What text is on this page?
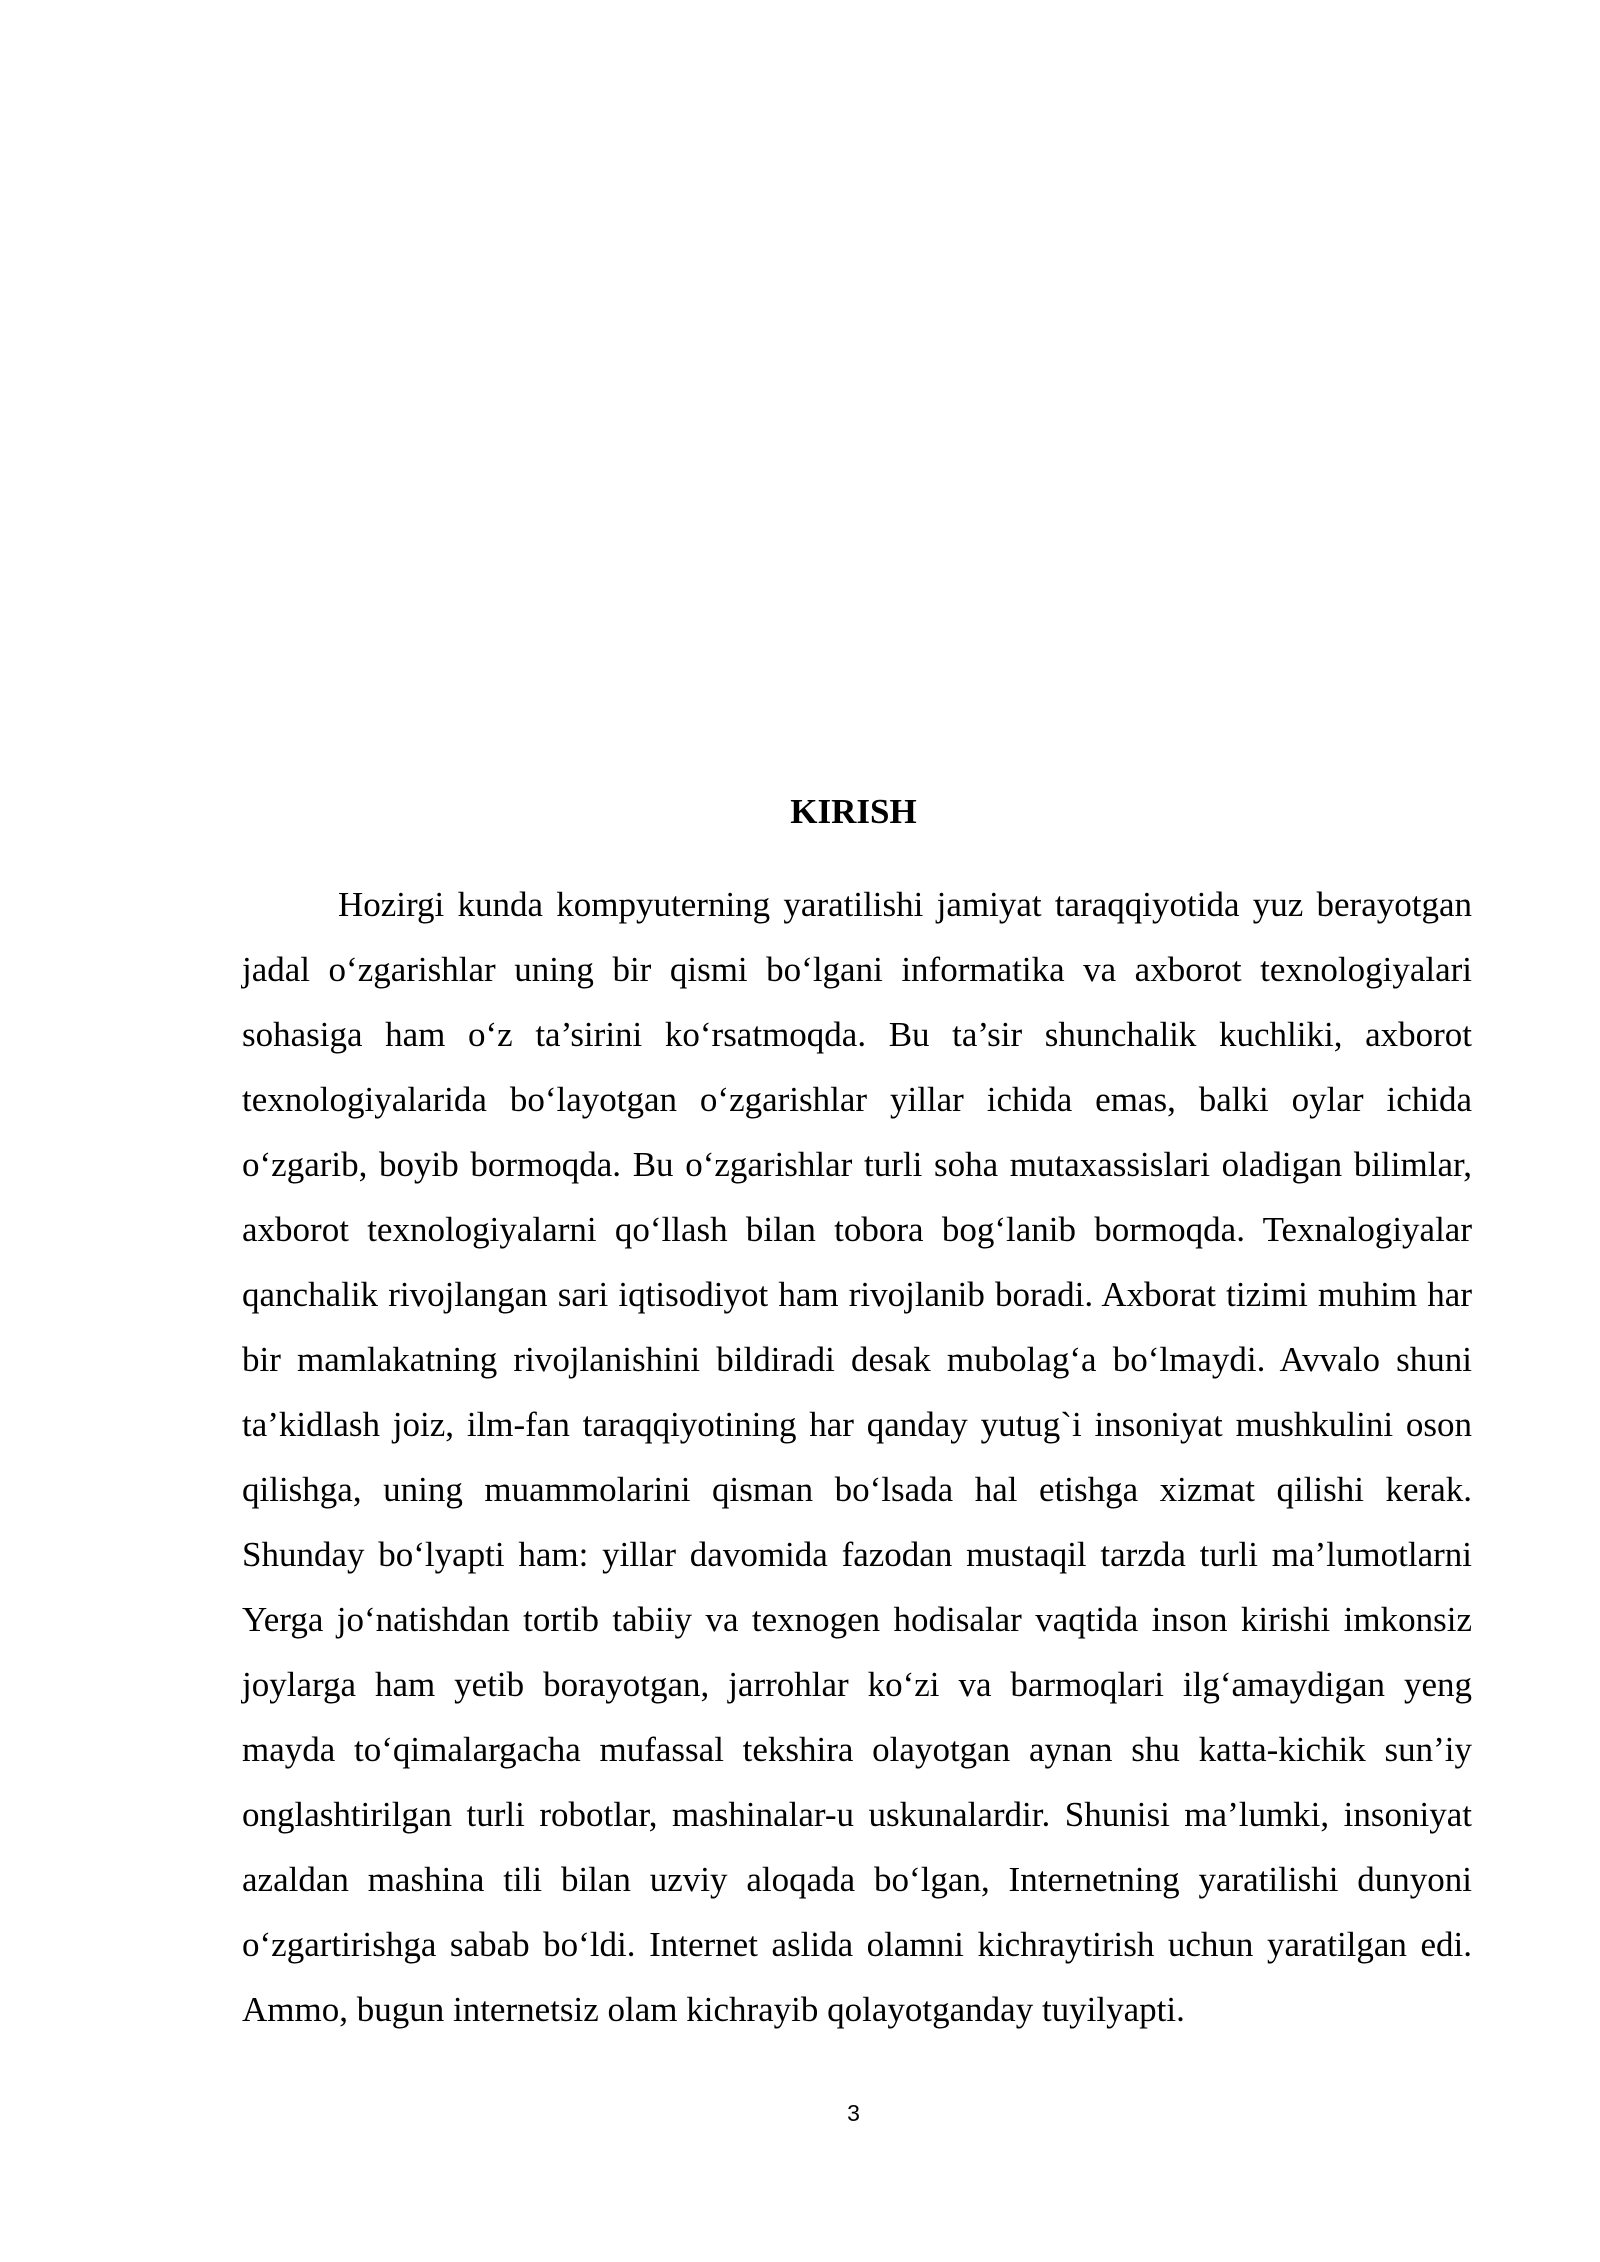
KIRISH

Hozirgi kunda kompyuterning yaratilishi jamiyat taraqqiyotida yuz berayotgan jadal o‘zgarishlar uning bir qismi bo‘lgani informatika va axborot texnologiyalari sohasiga ham o‘z ta’sirini ko‘rsatmoqda. Bu ta’sir shunchalik kuchliki, axborot texnologiyalarida bo‘layotgan o‘zgarishlar yillar ichida emas, balki oylar ichida o‘zgarib, boyib bormoqda. Bu o‘zgarishlar turli soha mutaxassislari oladigan bilimlar, axborot texnologiyalarni qo‘llash bilan tobora bog‘lanib bormoqda. Texnalogiyalar qanchalik rivojlangan sari iqtisodiyot ham rivojlanib boradi. Axborat tizimi muhim har bir mamlakatning rivojlanishini bildiradi desak mubolag‘a bo‘lmaydi. Avvalo shuni ta’kidlash joiz, ilm-fan taraqqiyotining har qanday yutug`i insoniyat mushkulini oson qilishga, uning muammolarini qisman bo‘lsada hal etishga xizmat qilishi kerak. Shunday bo‘lyapti ham: yillar davomida fazodan mustaqil tarzda turli ma’lumotlarni Yerga jo‘natishdan tortib tabiiy va texnogen hodisalar vaqtida inson kirishi imkonsiz joylarga ham yetib borayotgan, jarrohlar ko‘zi va barmoqlari ilg‘amaydigan yeng mayda to‘qimalargacha mufassal tekshira olayotgan aynan shu katta-kichik sun’iy onglashtirilgan turli robotlar, mashinalar-u uskunalardir. Shunisi ma’lumki, insoniyat azaldan mashina tili bilan uzviy aloqada bo‘lgan, Internetning yaratilishi dunyoni o‘zgartirishga sabab bo‘ldi. Internet aslida olamni kichraytirish uchun yaratilgan edi. Ammo, bugun internetsiz olam kichrayib qolayotganday tuyilyapti.

3
